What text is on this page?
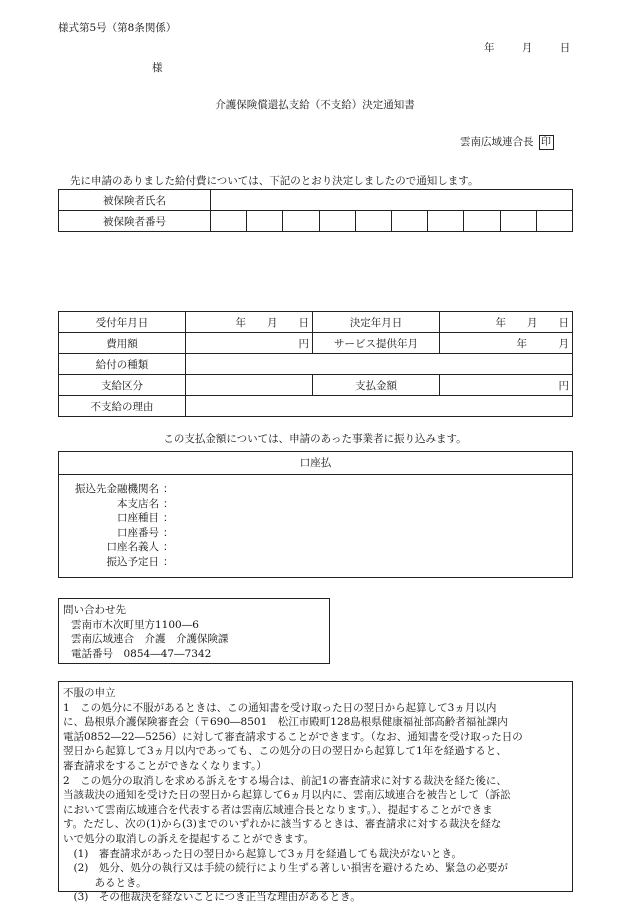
様式第5号（第8条関係）
年	月	日
様
介護保険償還払支給（不支給）決定通知書
雲南広域連合長 印
先に申請のありました給付費については、下記のとおり決定しましたので通知します。
被保険者氏名										
被保険者番号										
受付年月日	年   月   日	決定年月日	年   月   日
費用額	円	サービス提供年月	年    月
給付の種類			
支給区分		支払金額	円
不支給の理由			
この支払金額については、申請のあった事業者に振り込みます。
口座払
振込先金融機関名 ：
本支店名 ：
口座種目 ：
口座番号 ：
口座名義人 ：
振込予定日 ：
問い合わせ先
雲南市木次町里方1100―6
雲南広域連合　介護　介護保険課
電話番号　0854―47―7342
不服の申立
1　この処分に不服があるときは、この通知書を受け取った日の翌日から起算して3ヵ月以内
に、島根県介護保険審査会（〒690―8501　松江市殿町128島根県健康福祉部高齢者福祉課内
電話0852―22―5256）に対して審査請求することができます。（なお、通知書を受け取った日の
翌日から起算して3ヵ月以内であっても、この処分の日の翌日から起算して1年を経過すると、
審査請求をすることができなくなります。）
2　この処分の取消しを求める訴えをする場合は、前記1の審査請求に対する裁決を経た後に、
当該裁決の通知を受けた日の翌日から起算して6ヵ月以内に、雲南広域連合を被告として（訴訟
において雲南広域連合を代表する者は雲南広域連合長となります。）、提起することができま
す。ただし、次の(1)から(3)までのいずれかに該当するときは、審査請求に対する裁決を経な
いで処分の取消しの訴えを提起することができます。
　(1)　審査請求があった日の翌日から起算して3ヵ月を経過しても裁決がないとき。
　(2)　処分、処分の執行又は手続の続行により生ずる著しい損害を避けるため、緊急の必要が
　　　あるとき。
　(3)　その他裁決を経ないことにつき正当な理由があるとき。
